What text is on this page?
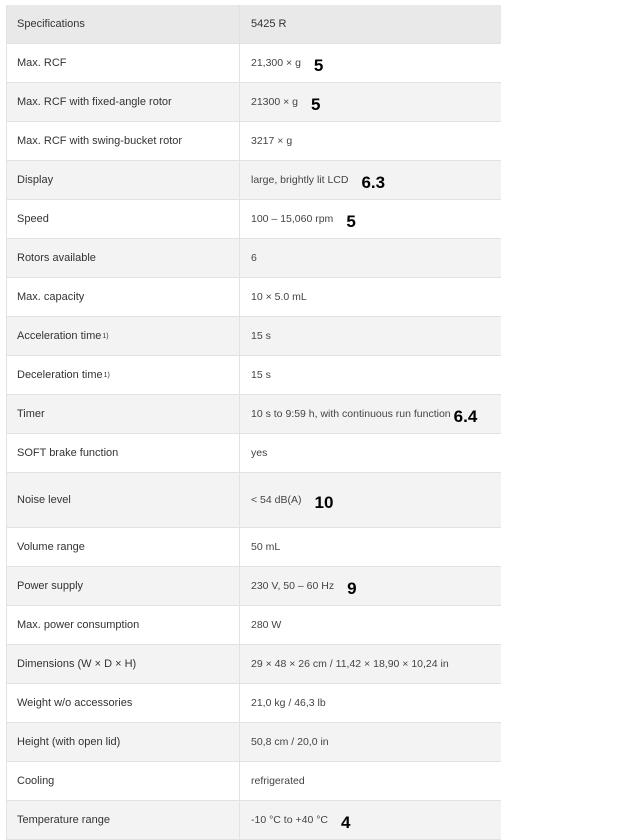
Specifications	5425 R
Max. RCF	21,300 × g 5
Max. RCF with fixed-angle rotor	21300 × g 5
Max. RCF with swing-bucket rotor	3217 × g
Display	large, brightly lit LCD 6.3
Speed	100 – 15,060 rpm 5
Rotors available	6
Max. capacity	10 × 5.0 mL
Acceleration time 1)	15 s
Deceleration time 1)	15 s
Timer	10 s to 9:59 h, with continuous run function 6.4
SOFT brake function	yes
Noise level	< 54 dB(A) 10
Volume range	50 mL
Power supply	230 V, 50 – 60 Hz 9
Max. power consumption	280 W
Dimensions (W × D × H)	29 × 48 × 26 cm / 11,42 × 18,90 × 10,24 in
Weight w/o accessories	21,0 kg / 46,3 lb
Height (with open lid)	50,8 cm / 20,0 in
Cooling	refrigerated
Temperature range	-10 °C to +40 °C 4
